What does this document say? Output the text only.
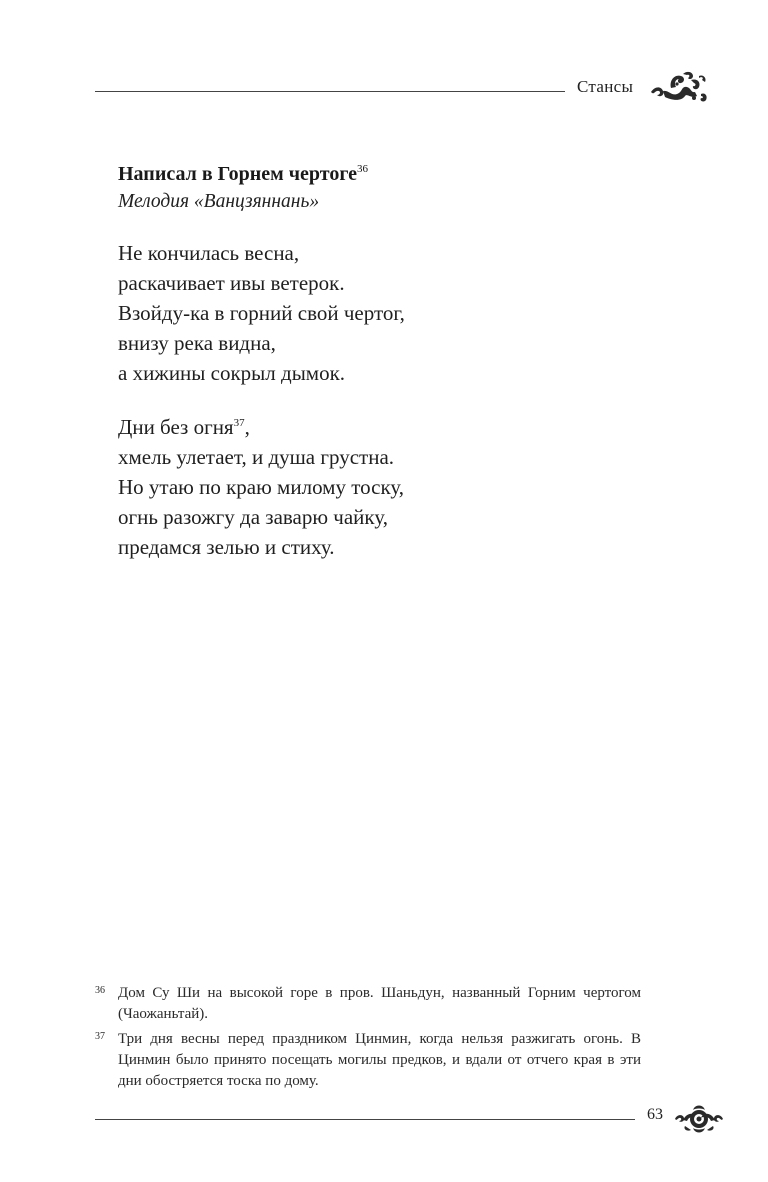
Стансы
Написал в Горнем чертоге$^{36}$
Мелодия «Ванцзяннань»
Не кончилась весна,
раскачивает ивы ветерок.
Взойду-ка в горний свой чертог,
внизу река видна,
а хижины сокрыл дымок.
Дни без огня$^{37}$,
хмель улетает, и душа грустна.
Но утаю по краю милому тоску,
огнь разожгу да заварю чайку,
предамся зелью и стиху.
36 Дом Су Ши на высокой горе в пров. Шаньдун, названный Горним чертогом (Чаожаньтай).
37 Три дня весны перед праздником Цинмин, когда нельзя разжигать огонь. В Цинмин было принято посещать могилы предков, и вдали от отчего края в эти дни обостряется тоска по дому.
63
